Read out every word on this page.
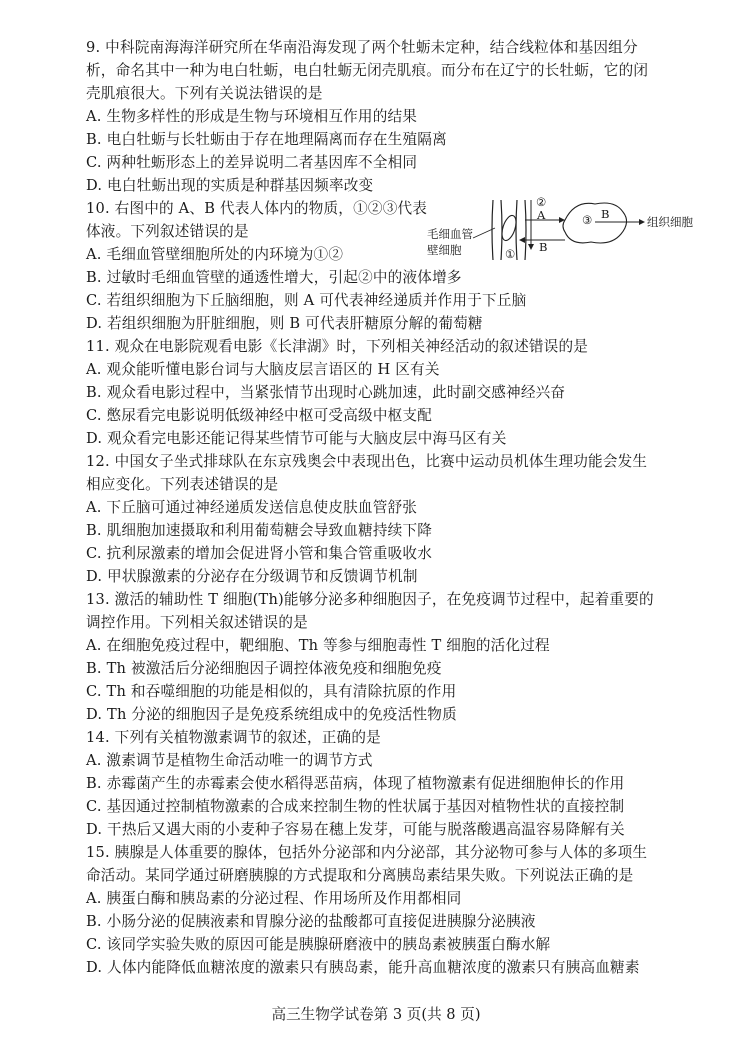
9. 中科院南海海洋研究所在华南沿海发现了两个牡蛎未定种，结合线粒体和基因组分
析，命名其中一种为电白牡蛎，电白牡蛎无闭壳肌痕。而分布在辽宁的长牡蛎，它的闭
壳肌痕很大。下列有关说法错误的是
A. 生物多样性的形成是生物与环境相互作用的结果
B. 电白牡蛎与长牡蛎由于存在地理隔离而存在生殖隔离
C. 两种牡蛎形态上的差异说明二者基因库不全相同
D. 电白牡蛎出现的实质是种群基因频率改变
10. 右图中的 A、B 代表人体内的物质，①②③代表
体液。下列叙述错误的是
A. 毛细血管壁细胞所处的内环境为①②
B. 过敏时毛细血管壁的通透性增大，引起②中的液体增多
C. 若组织细胞为下丘脑细胞，则 A 可代表神经递质并作用于下丘脑
D. 若组织细胞为肝脏细胞，则 B 可代表肝糖原分解的葡萄糖
11. 观众在电影院观看电影《长津湖》时，下列相关神经活动的叙述错误的是
A. 观众能听懂电影台词与大脑皮层言语区的 H 区有关
B. 观众看电影过程中，当紧张情节出现时心跳加速，此时副交感神经兴奋
C. 憋尿看完电影说明低级神经中枢可受高级中枢支配
D. 观众看完电影还能记得某些情节可能与大脑皮层中海马区有关
12. 中国女子坐式排球队在东京残奥会中表现出色，比赛中运动员机体生理功能会发生
相应变化。下列表述错误的是
A. 下丘脑可通过神经递质发送信息使皮肤血管舒张
B. 肌细胞加速摄取和利用葡萄糖会导致血糖持续下降
C. 抗利尿激素的增加会促进肾小管和集合管重吸收水
D. 甲状腺激素的分泌存在分级调节和反馈调节机制
13. 激活的辅助性 T 细胞(Th)能够分泌多种细胞因子，在免疫调节过程中，起着重要的
调控作用。下列相关叙述错误的是
A. 在细胞免疫过程中，靶细胞、Th 等参与细胞毒性 T 细胞的活化过程
B. Th 被激活后分泌细胞因子调控体液免疫和细胞免疫
C. Th 和吞噬细胞的功能是相似的，具有清除抗原的作用
D. Th 分泌的细胞因子是免疫系统组成中的免疫活性物质
14. 下列有关植物激素调节的叙述，正确的是
A. 激素调节是植物生命活动唯一的调节方式
B. 赤霉菌产生的赤霉素会使水稻得恶苗病，体现了植物激素有促进细胞伸长的作用
C. 基因通过控制植物激素的合成来控制生物的性状属于基因对植物性状的直接控制
D. 干热后又遇大雨的小麦种子容易在穗上发芽，可能与脱落酸遇高温容易降解有关
15. 胰腺是人体重要的腺体，包括外分泌部和内分泌部，其分泌物可参与人体的多项生
命活动。某同学通过研磨胰腺的方式提取和分离胰岛素结果失败。下列说法正确的是
A. 胰蛋白酶和胰岛素的分泌过程、作用场所及作用都相同
B. 小肠分泌的促胰液素和胃腺分泌的盐酸都可直接促进胰腺分泌胰液
C. 该同学实验失败的原因可能是胰腺研磨液中的胰岛素被胰蛋白酶水解
D. 人体内能降低血糖浓度的激素只有胰岛素，能升高血糖浓度的激素只有胰高血糖素
毛细血管
壁细胞
②
A
B
①
③ B
组织细胞
高三生物学试卷第 3 页(共 8 页)
